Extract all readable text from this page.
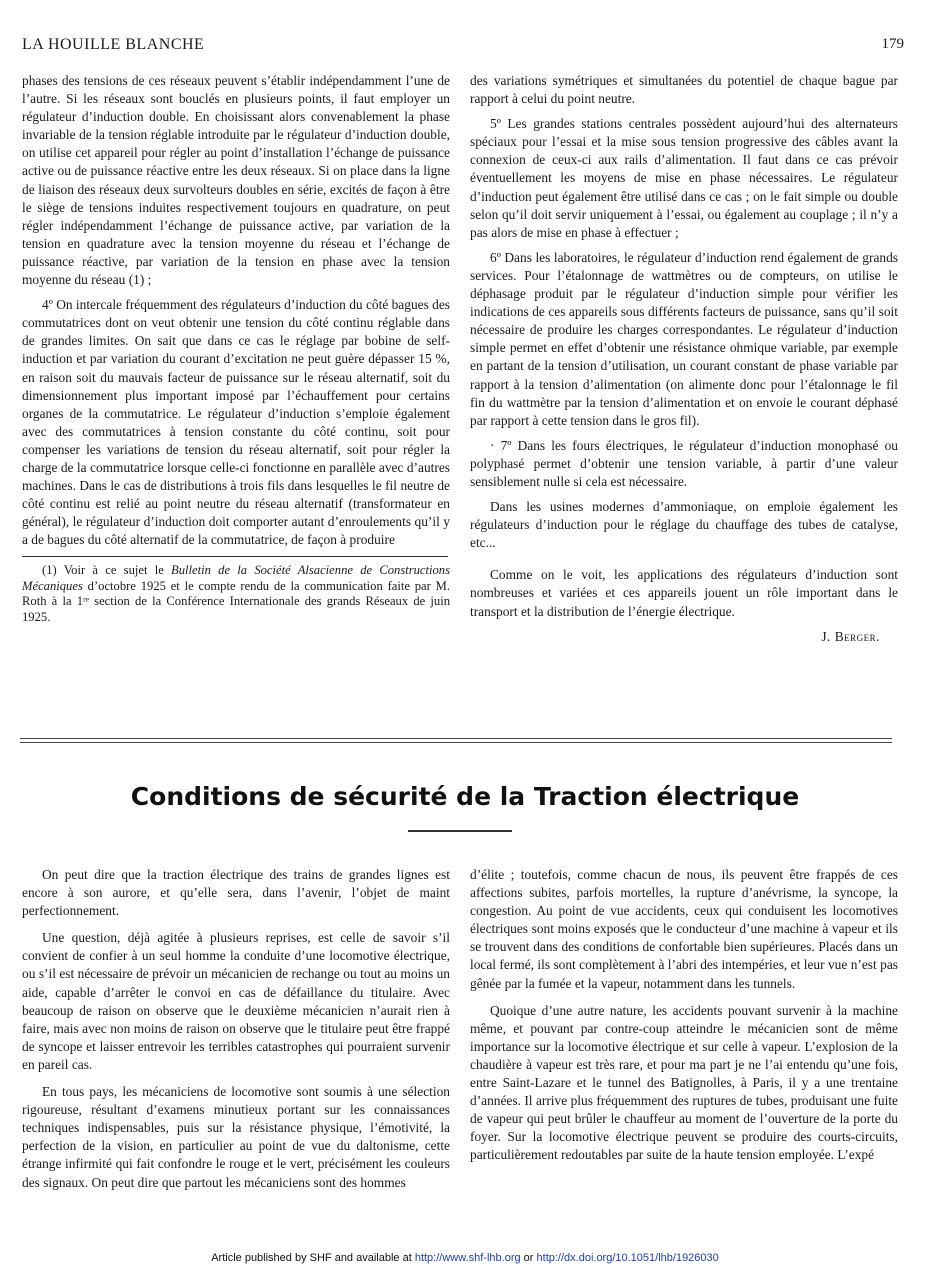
LA HOUILLE BLANCHE	179

phases des tensions de ces réseaux peuvent s’établir indépendamment l’une de l’autre. Si les réseaux sont bouclés en plusieurs points, il faut employer un régulateur d’induction double. En choisissant alors convenablement la phase invariable de la tension réglable introduite par le régulateur d’induction double, on utilise cet appareil pour régler au point d’installation l’échange de puissance active ou de puissance réactive entre les deux réseaux. Si on place dans la ligne de liaison des réseaux deux survolteurs doubles en série, excités de façon à être le siège de tensions induites respectivement toujours en quadrature, on peut régler indépendamment l’échange de puissance active, par variation de la tension en quadrature avec la tension moyenne du réseau et l’échange de puissance réactive, par variation de la tension en phase avec la tension moyenne du réseau (1) ;

4º On intercale fréquemment des régulateurs d’induction du côté bagues des commutatrices dont on veut obtenir une tension du côté continu réglable dans de grandes limites. On sait que dans ce cas le réglage par bobine de self-induction et par variation du courant d’excitation ne peut guère dépasser 15 %, en raison soit du mauvais facteur de puissance sur le réseau alternatif, soit du dimensionnement plus important imposé par l’échauffement pour certains organes de la commutatrice. Le régulateur d’induction s’emploie également avec des commutatrices à tension constante du côté continu, soit pour compenser les variations de tension du réseau alternatif, soit pour régler la charge de la commutatrice lorsque celle-ci fonctionne en parallèle avec d’autres machines. Dans le cas de distributions à trois fils dans lesquelles le fil neutre de côté continu est relié au point neutre du réseau alternatif (transformateur en général), le régulateur d’induction doit comporter autant d’enroulements qu’il y a de bagues du côté alternatif de la commutatrice, de façon à produire

(1) Voir à ce sujet le Bulletin de la Société Alsacienne de Constructions Mécaniques d’octobre 1925 et le compte rendu de la communication faite par M. Roth à la 1ʳᵉ section de la Conférence Internationale des grands Réseaux de juin 1925.

des variations symétriques et simultanées du potentiel de chaque bague par rapport à celui du point neutre.

5º Les grandes stations centrales possèdent aujourd’hui des alternateurs spéciaux pour l’essai et la mise sous tension progressive des câbles avant la connexion de ceux-ci aux rails d’alimentation. Il faut dans ce cas prévoir éventuellement les moyens de mise en phase nécessaires. Le régulateur d’induction peut également être utilisé dans ce cas ; on le fait simple ou double selon qu’il doit servir uniquement à l’essai, ou également au couplage ; il n’y a pas alors de mise en phase à effectuer ;

6º Dans les laboratoires, le régulateur d’induction rend également de grands services. Pour l’étalonnage de wattmètres ou de compteurs, on utilise le déphasage produit par le régulateur d’induction simple pour vérifier les indications de ces appareils sous différents facteurs de puissance, sans qu’il soit nécessaire de produire les charges correspondantes. Le régulateur d’induction simple permet en effet d’obtenir une résistance ohmique variable, par exemple en partant de la tension d’utilisation, un courant constant de phase variable par rapport à la tension d’alimentation (on alimente donc pour l’étalonnage le fil fin du wattmètre par la tension d’alimentation et on envoie le courant déphasé par rapport à cette tension dans le gros fil).

· 7º Dans les fours électriques, le régulateur d’induction monophasé ou polyphasé permet d’obtenir une tension variable, à partir d’une valeur sensiblement nulle si cela est nécessaire.

Dans les usines modernes d’ammoniaque, on emploie également les régulateurs d’induction pour le réglage du chauffage des tubes de catalyse, etc...

Comme on le voit, les applications des régulateurs d’induction sont nombreuses et variées et ces appareils jouent un rôle important dans le transport et la distribution de l’énergie électrique.

J. Berger.
Conditions de sécurité de la Traction électrique

On peut dire que la traction électrique des trains de grandes lignes est encore à son aurore, et qu’elle sera, dans l’avenir, l’objet de maint perfectionnement.

Une question, déjà agitée à plusieurs reprises, est celle de savoir s’il convient de confier à un seul homme la conduite d’une locomotive électrique, ou s’il est nécessaire de prévoir un mécanicien de rechange ou tout au moins un aide, capable d’arrêter le convoi en cas de défaillance du titulaire. Avec beaucoup de raison on observe que le deuxième mécanicien n’aurait rien à faire, mais avec non moins de raison on observe que le titulaire peut être frappé de syncope et laisser entrevoir les terribles catastrophes qui pourraient survenir en pareil cas.

En tous pays, les mécaniciens de locomotive sont soumis à une sélection rigoureuse, résultant d’examens minutieux portant sur les connaissances techniques indispensables, puis sur la résistance physique, l’émotivité, la perfection de la vision, en particulier au point de vue du daltonisme, cette étrange infirmité qui fait confondre le rouge et le vert, précisément les couleurs des signaux. On peut dire que partout les mécaniciens sont des hommes

d’élite ; toutefois, comme chacun de nous, ils peuvent être frappés de ces affections subites, parfois mortelles, la rupture d’anévrisme, la syncope, la congestion. Au point de vue accidents, ceux qui conduisent les locomotives électriques sont moins exposés que le conducteur d’une machine à vapeur et ils se trouvent dans des conditions de confortable bien supérieures. Placés dans un local fermé, ils sont complètement à l’abri des intempéries, et leur vue n’est pas gênée par la fumée et la vapeur, notamment dans les tunnels.

Quoique d’une autre nature, les accidents pouvant survenir à la machine même, et pouvant par contre-coup atteindre le mécanicien sont de même importance sur la locomotive électrique et sur celle à vapeur. L’explosion de la chaudière à vapeur est très rare, et pour ma part je ne l’ai entendu qu’une fois, entre Saint-Lazare et le tunnel des Batignolles, à Paris, il y a une trentaine d’années. Il arrive plus fréquemment des ruptures de tubes, produisant une fuite de vapeur qui peut brûler le chauffeur au moment de l’ouverture de la porte du foyer. Sur la locomotive électrique peuvent se produire des courts-circuits, particulièrement redoutables par suite de la haute tension employée. L’expé

Article published by SHF and available at http://www.shf-lhb.org or http://dx.doi.org/10.1051/lhb/1926030
